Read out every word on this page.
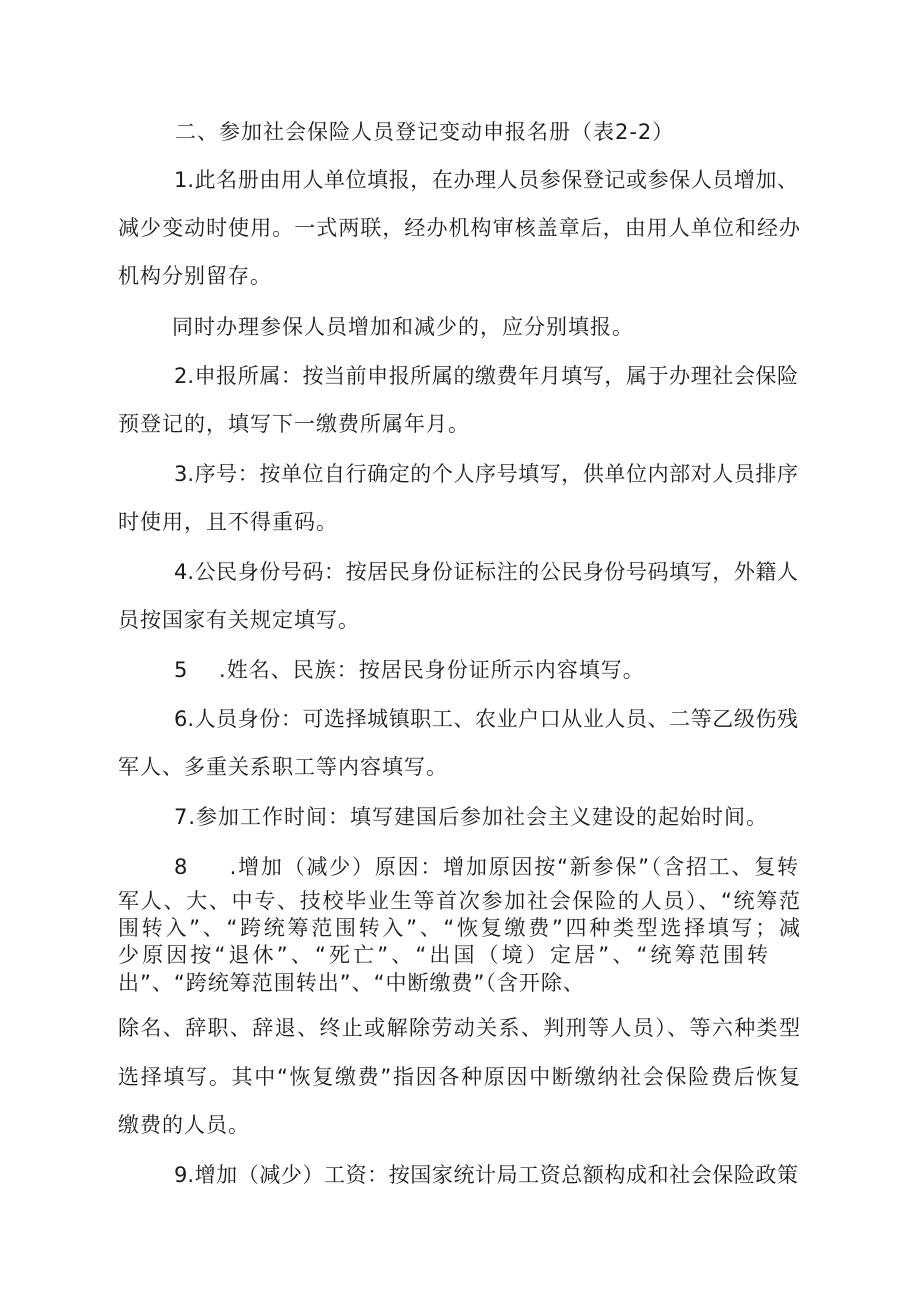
二、参加社会保险人员登记变动申报名册（表2-2）
1.此名册由用人单位填报，在办理人员参保登记或参保人员增加、
减少变动时使用。一式两联，经办机构审核盖章后，由用人单位和经办
机构分别留存。
同时办理参保人员增加和减少的，应分别填报。
2.申报所属：按当前申报所属的缴费年月填写，属于办理社会保险
预登记的，填写下一缴费所属年月。
3.序号：按单位自行确定的个人序号填写，供单位内部对人员排序
时使用，且不得重码。
4.公民身份号码：按居民身份证标注的公民身份号码填写，外籍人
员按国家有关规定填写。
5    .姓名、民族：按居民身份证所示内容填写。
6.人员身份：可选择城镇职工、农业户口从业人员、二等乙级伤残
军人、多重关系职工等内容填写。
7.参加工作时间：填写建国后参加社会主义建设的起始时间。
8     .增加（减少）原因：增加原因按“新参保”（含招工、复转
军人、大、中专、技校毕业生等首次参加社会保险的人员）、“统筹范
围转入”、“跨统筹范围转入”、“恢复缴费”四种类型选择填写；减
少原因按“退休”、“死亡”、“出国（境）定居”、“统筹范围转
出”、“跨统筹范围转出”、“中断缴费”（含开除、
除名、辞职、辞退、终止或解除劳动关系、判刑等人员）、等六种类型
选择填写。其中“恢复缴费”指因各种原因中断缴纳社会保险费后恢复
缴费的人员。
9.增加（减少）工资：按国家统计局工资总额构成和社会保险政策
